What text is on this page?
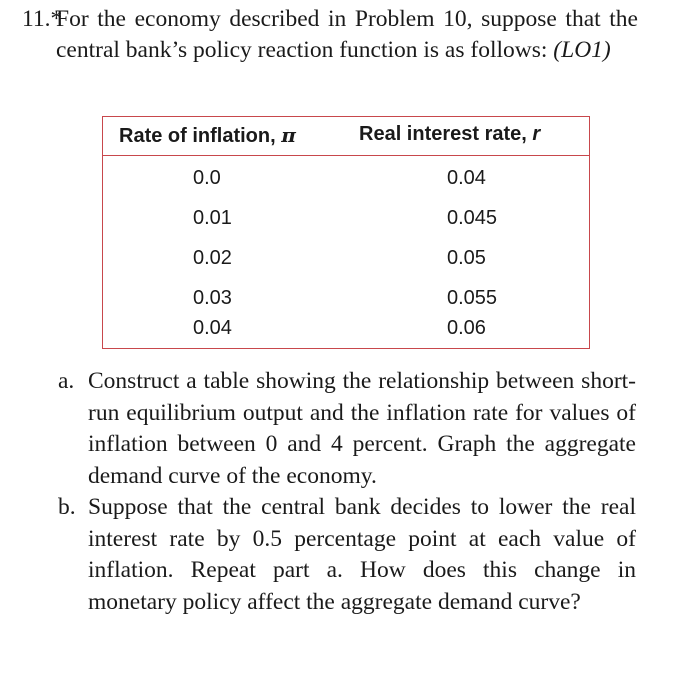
11.*
For the economy described in Problem 10, suppose that the central bank’s policy reaction function is as follows: (LO1)
Rate of inflation, π	Real interest rate, r
0.0	0.04
0.01	0.045
0.02	0.05
0.03	0.055
0.04	0.06
a. Construct a table showing the relationship between short-run equilibrium output and the inflation rate for values of inflation between 0 and 4 percent. Graph the aggregate demand curve of the economy.
b. Suppose that the central bank decides to lower the real interest rate by 0.5 percentage point at each value of inflation. Repeat part a. How does this change in monetary policy affect the aggregate demand curve?
